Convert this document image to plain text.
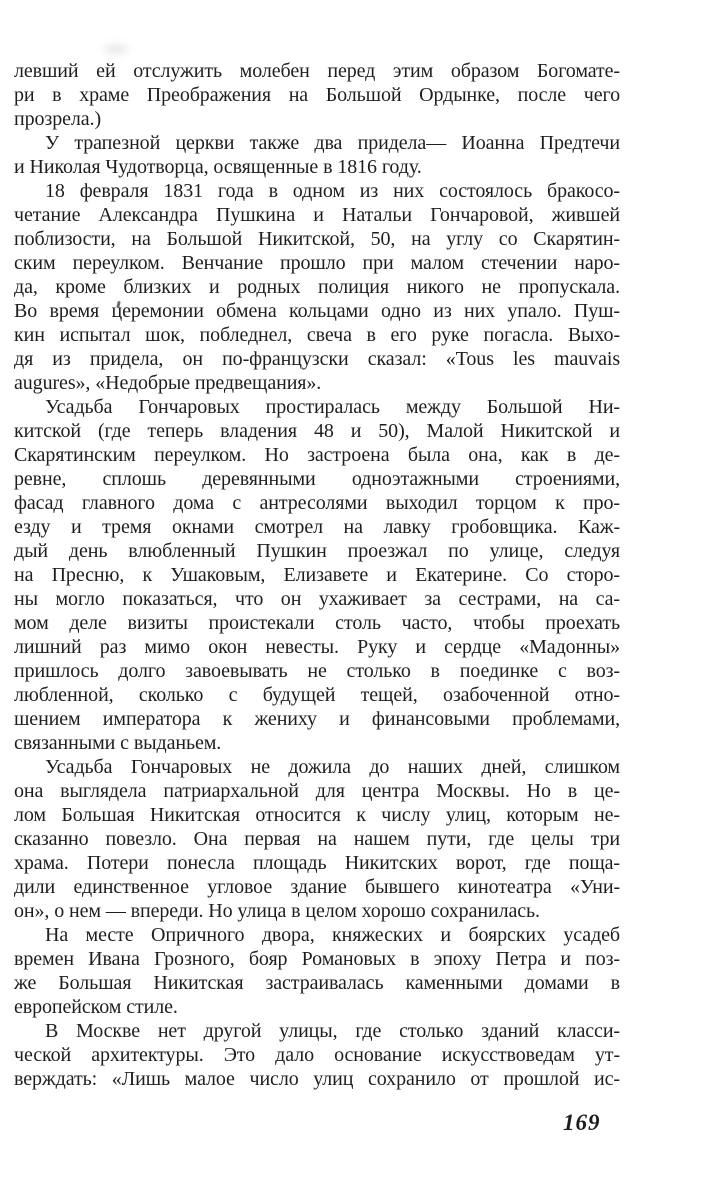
левший ей отслужить молебен перед этим образом Богомате-
ри в храме Преображения на Большой Ордынке, после чего
прозрела.)
У трапезной церкви также два придела— Иоанна Предтечи
и Николая Чудотворца, освященные в 1816 году.
18 февраля 1831 года в одном из них состоялось бракосо-
четание Александра Пушкина и Натальи Гончаровой, жившей
поблизости, на Большой Никитской, 50, на углу со Скарятин-
ским переулком. Венчание прошло при малом стечении наро-
да, кроме близких и родных полиция никого не пропускала.
Во время церемонии обмена кольцами одно из них упало. Пуш-
кин испытал шок, побледнел, свеча в его руке погасла. Выхо-
дя из придела, он по-французски сказал: «Tous les mauvais
augures», «Недобрые предвещания».
Усадьба Гончаровых простиралась между Большой Ни-
китской (где теперь владения 48 и 50), Малой Никитской и
Скарятинским переулком. Но застроена была она, как в де-
ревне, сплошь деревянными одноэтажными строениями,
фасад главного дома с антресолями выходил торцом к про-
езду и тремя окнами смотрел на лавку гробовщика. Каж-
дый день влюбленный Пушкин проезжал по улице, следуя
на Пресню, к Ушаковым, Елизавете и Екатерине. Со сторо-
ны могло показаться, что он ухаживает за сестрами, на са-
мом деле визиты проистекали столь часто, чтобы проехать
лишний раз мимо окон невесты. Руку и сердце «Мадонны»
пришлось долго завоевывать не столько в поединке с воз-
любленной, сколько с будущей тещей, озабоченной отно-
шением императора к жениху и финансовыми проблемами,
связанными с выданьем.
Усадьба Гончаровых не дожила до наших дней, слишком
она выглядела патриархальной для центра Москвы. Но в це-
лом Большая Никитская относится к числу улиц, которым не-
сказанно повезло. Она первая на нашем пути, где целы три
храма. Потери понесла площадь Никитских ворот, где поща-
дили единственное угловое здание бывшего кинотеатра «Уни-
он», о нем — впереди. Но улица в целом хорошо сохранилась.
На месте Опричного двора, княжеских и боярских усадеб
времен Ивана Грозного, бояр Романовых в эпоху Петра и поз-
же Большая Никитская застраивалась каменными домами в
европейском стиле.
В Москве нет другой улицы, где столько зданий класси-
ческой архитектуры. Это дало основание искусствоведам ут-
верждать: «Лишь малое число улиц сохранило от прошлой ис-
169
